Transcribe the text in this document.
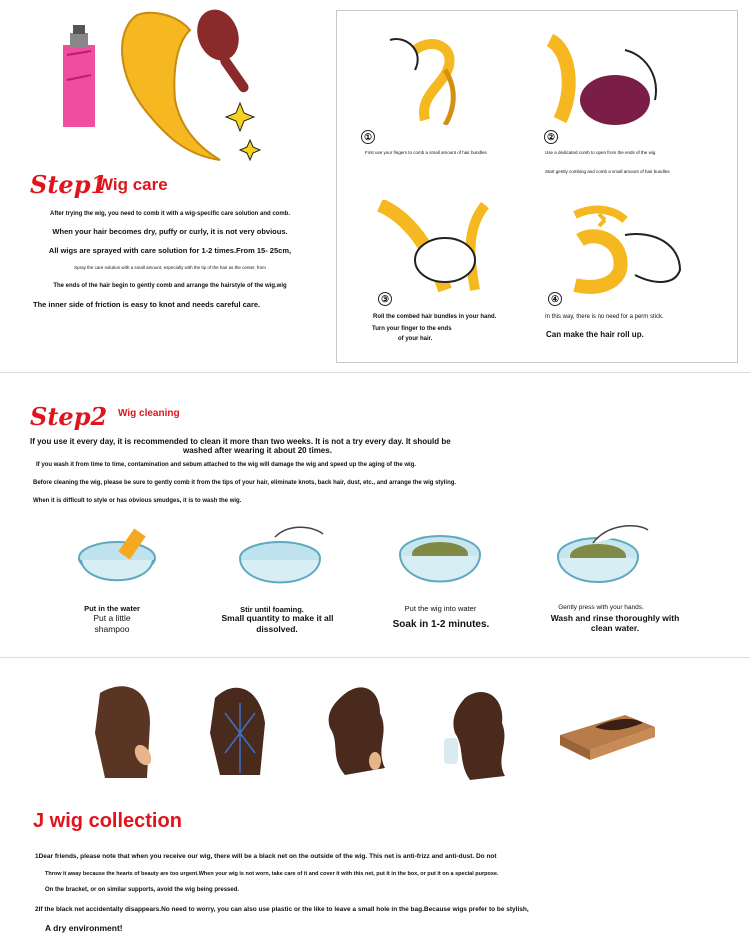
Step1
Wig care
After trying the wig, you need to comb it with a wig-specific care solution and comb.
When your hair becomes dry, puffy or curly, it is not very obvious.
All wigs are sprayed with care solution for 1-2 times.From 15- 25cm,
Spray the care solution with a small amount, especially with the tip of the hair as the center, from
The ends of the hair begin to gently comb and arrange the hairstyle of the wig.wig
The inner side of friction is easy to knot and needs careful care.
①
First use your fingers to comb a small amount of hair bundles
②
Use a dedicated comb to open from the ends of the wig
Start gently combing and comb a small amount of hair bundles
③
Roll the combed hair bundles in your hand.
Turn your finger to the ends
of your hair.
④
In this way, there is no need for a perm stick.
Can make the hair roll up.
Step2 Wig cleaning
If you use it every day, it is recommended to clean it more than two weeks. It is not a try every day. It should be
washed after wearing it about 20 times.
If you wash it from time to time, contamination and sebum attached to the wig will damage the wig and speed up the aging of the wig.
Before cleaning the wig, please be sure to gently comb it from the tips of your hair, eliminate knots, back hair, dust, etc., and arrange the wig styling.
When it is difficult to style or has obvious smudges, it is to wash the wig.
Put in the water
Put a little
shampoo
Stir until foaming.
Small quantity to make it all
dissolved.
Put the wig into water
Soak in 1-2 minutes.
Gently press with your hands.
Wash and rinse thoroughly with
clean water.
J wig collection
1Dear friends, please note that when you receive our wig, there will be a black net on the outside of the wig. This net is anti-frizz and anti-dust. Do not
Throw it away because the hearts of beauty are too urgent.When your wig is not worn, take care of it and cover it with this net, put it in the box, or put it on a special purpose.
On the bracket, or on similar supports, avoid the wig being pressed.
2If the black net accidentally disappears.No need to worry, you can also use plastic or the like to leave a small hole in the bag.Because wigs prefer to be stylish,
A dry environment!
